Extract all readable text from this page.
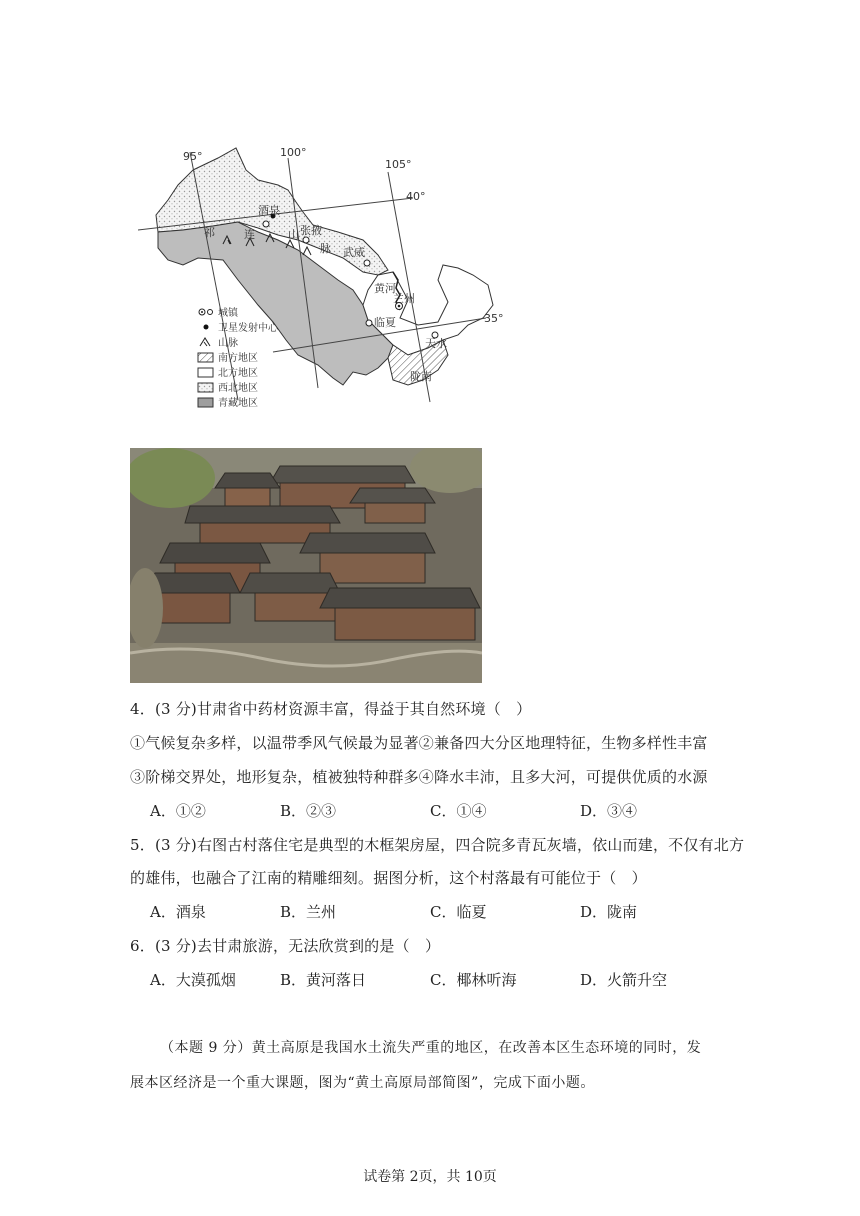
95°	100°
105°
40°
35°
酒泉
张掖
武威
兰州
临夏
天水
陇南
黄河
祁	连	山
脉
城镇
卫星发射中心
山脉
南方地区
北方地区
西北地区
青藏地区
4．(3 分)甘肃省中药材资源丰富，得益于其自然环境（　）
①气候复杂多样，以温带季风气候最为显著②兼备四大分区地理特征，生物多样性丰富
③阶梯交界处，地形复杂，植被独特种群多④降水丰沛，且多大河，可提供优质的水源
A．①②	B．②③	C．①④	D．③④
5．(3 分)右图古村落住宅是典型的木框架房屋，四合院多青瓦灰墙，依山而建，不仅有北方
的雄伟，也融合了江南的精雕细刻。据图分析，这个村落最有可能位于（　）
A．酒泉	B．兰州	C．临夏	D．陇南
6．(3 分)去甘肃旅游，无法欣赏到的是（　）
A．大漠孤烟	B．黄河落日	C．椰林听海	D．火箭升空
（本题 9 分）黄土高原是我国水土流失严重的地区，在改善本区生态环境的同时，发
展本区经济是一个重大课题，图为“黄土高原局部简图”，完成下面小题。
试卷第 2页，共 10页
